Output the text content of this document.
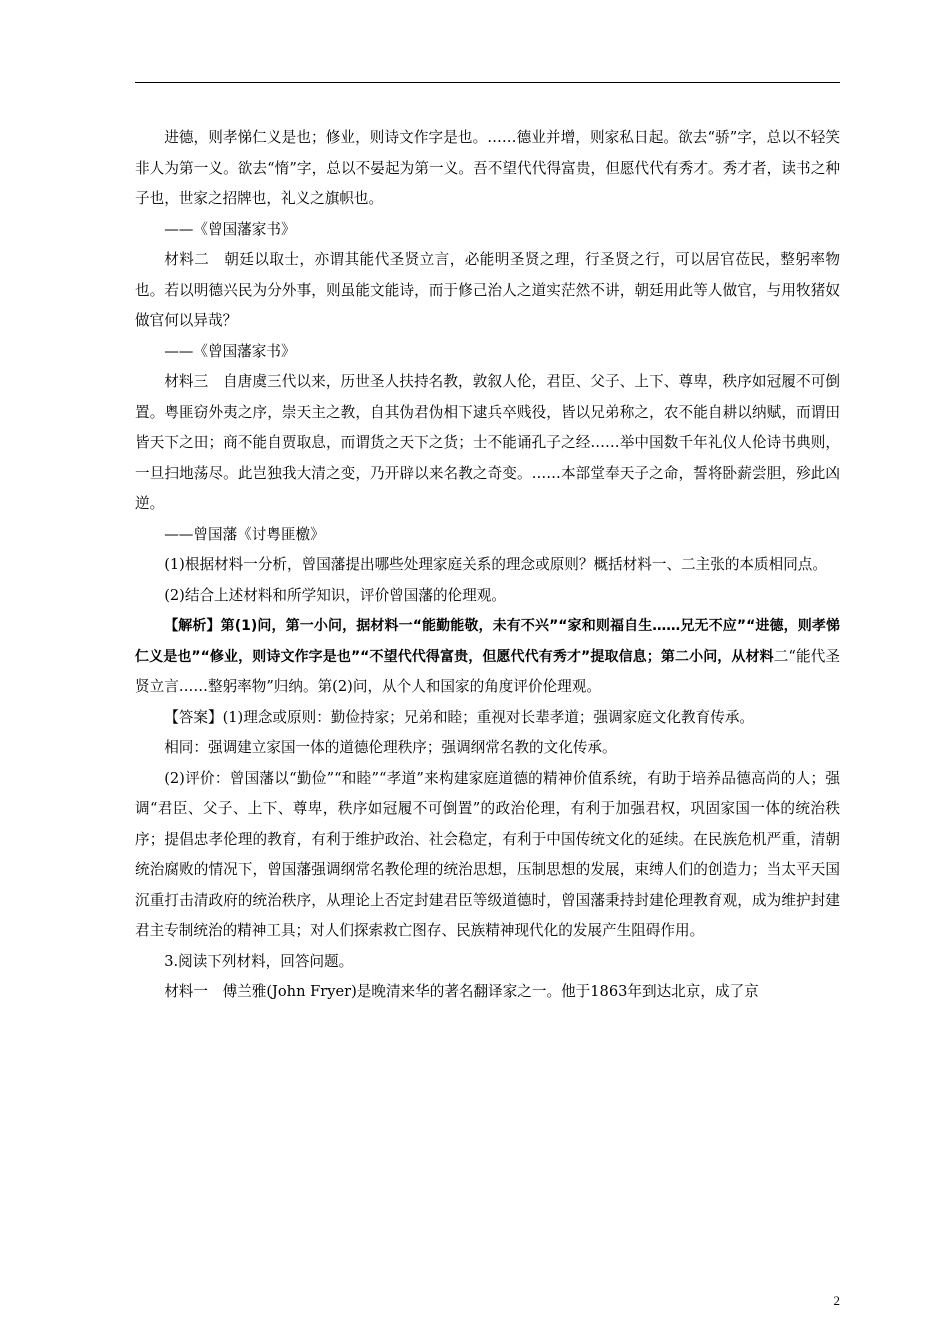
进德，则孝悌仁义是也；修业，则诗文作字是也。……德业并增，则家私日起。欲去“骄”字，总以不轻笑非人为第一义。欲去“惰”字，总以不晏起为第一义。吾不望代代得富贵，但愿代代有秀才。秀才者，读书之种子也，世家之招牌也，礼义之旗帜也。

——《曾国藩家书》

材料二　朝廷以取士，亦谓其能代圣贤立言，必能明圣贤之理，行圣贤之行，可以居官莅民，整躬率物也。若以明德兴民为分外事，则虽能文能诗，而于修己治人之道实茫然不讲，朝廷用此等人做官，与用牧猪奴做官何以异哉？

——《曾国藩家书》

材料三　自唐虞三代以来，历世圣人扶持名教，敦叙人伦，君臣、父子、上下、尊卑，秩序如冠履不可倒置。粤匪窃外夷之序，崇天主之教，自其伪君伪相下逮兵卒贱役，皆以兄弟称之，农不能自耕以纳赋，而谓田皆天下之田；商不能自贾取息，而谓货之天下之货；士不能诵孔子之经……举中国数千年礼仪人伦诗书典则，一旦扫地荡尽。此岂独我大清之变，乃开辟以来名教之奇变。……本部堂奉天子之命，誓将卧薪尝胆，殄此凶逆。

——曾国藩《讨粤匪檄》

(1)根据材料一分析，曾国藩提出哪些处理家庭关系的理念或原则？概括材料一、二主张的本质相同点。

(2)结合上述材料和所学知识，评价曾国藩的伦理观。

【解析】第(1)问，第一小问，据材料一“能勤能敬，未有不兴”“家和则福自生……兄无不应”“进德，则孝悌仁义是也”“修业，则诗文作字是也”“不望代代得富贵，但愿代代有秀才”提取信息；第二小问，从材料二“能代圣贤立言……整躬率物”归纳。第(2)问，从个人和国家的角度评价伦理观。

【答案】(1)理念或原则：勤俭持家；兄弟和睦；重视对长辈孝道；强调家庭文化教育传承。

相同：强调建立家国一体的道德伦理秩序；强调纲常名教的文化传承。

(2)评价：曾国藩以“勤俭”“和睦”“孝道”来构建家庭道德的精神价值系统，有助于培养品德高尚的人；强调“君臣、父子、上下、尊卑，秩序如冠履不可倒置”的政治伦理，有利于加强君权，巩固家国一体的统治秩序；提倡忠孝伦理的教育，有利于维护政治、社会稳定，有利于中国传统文化的延续。在民族危机严重，清朝统治腐败的情况下，曾国藩强调纲常名教伦理的统治思想，压制思想的发展，束缚人们的创造力；当太平天国沉重打击清政府的统治秩序，从理论上否定封建君臣等级道德时，曾国藩秉持封建伦理教育观，成为维护封建君主专制统治的精神工具；对人们探索救亡图存、民族精神现代化的发展产生阻碍作用。

3.阅读下列材料，回答问题。

材料一　傅兰雅(John Fryer)是晚清来华的著名翻译家之一。他于1863年到达北京，成了京

2
